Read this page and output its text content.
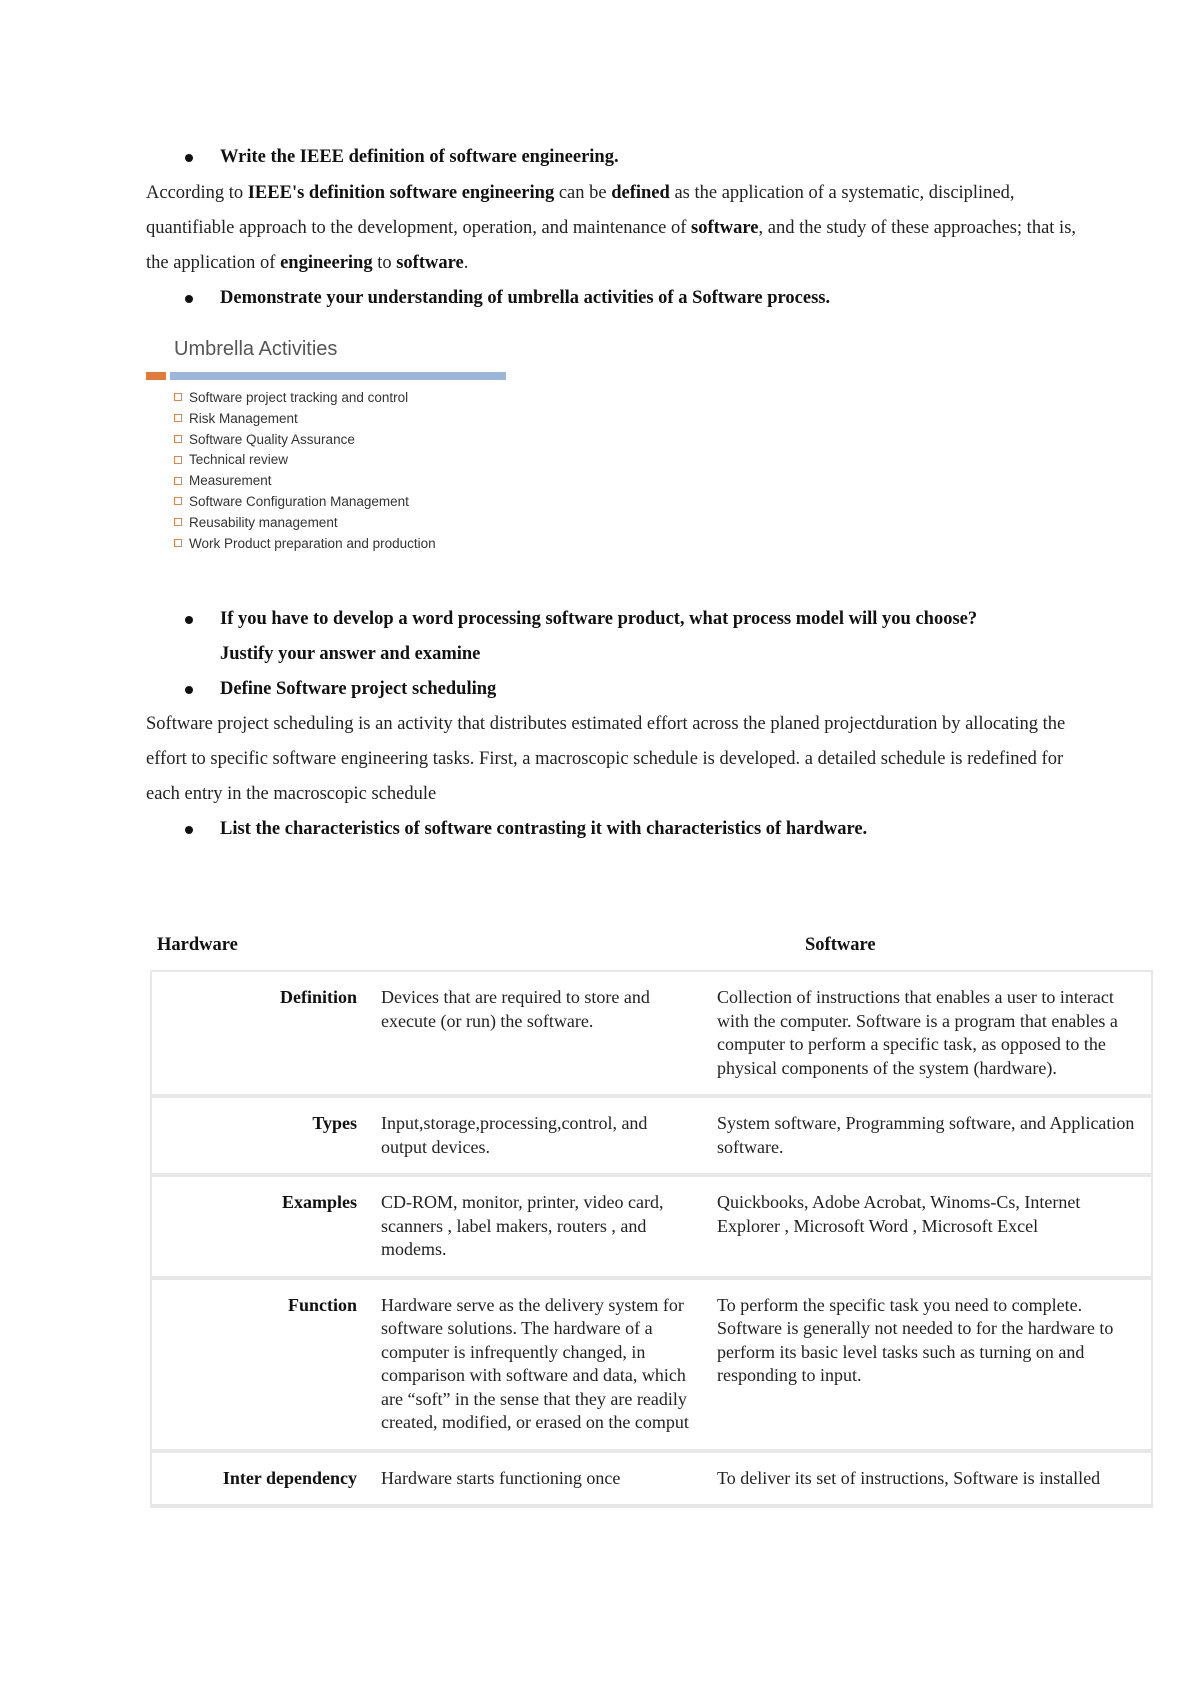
Write the IEEE definition of software engineering.
According to IEEE's definition software engineering can be defined as the application of a systematic, disciplined, quantifiable approach to the development, operation, and maintenance of software, and the study of these approaches; that is, the application of engineering to software.
Demonstrate your understanding of umbrella activities of a Software process.
Umbrella Activities
Software project tracking and control
Risk Management
Software Quality Assurance
Technical review
Measurement
Software Configuration Management
Reusability management
Work Product preparation and production
If you have to develop a word processing software product, what process model will you choose?
Justify your answer and examine
Define Software project scheduling
Software project scheduling is an activity that distributes estimated effort across the planed projectduration by allocating the effort to specific software engineering tasks. First, a macroscopic schedule is developed. a detailed schedule is redefined for each entry in the macroscopic schedule
List the characteristics of software contrasting it with characteristics of hardware.
Hardware	Software
Definition	Devices that are required to store and execute (or run) the software.	Collection of instructions that enables a user to interact with the computer. Software is a program that enables a computer to perform a specific task, as opposed to the physical components of the system (hardware).
Types	Input,storage,processing,control, and output devices.	System software, Programming software, and Application software.
Examples	CD-ROM, monitor, printer, video card, scanners , label makers, routers , and modems.	Quickbooks, Adobe Acrobat, Winoms-Cs, Internet Explorer , Microsoft Word , Microsoft Excel
Function	Hardware serve as the delivery system for software solutions. The hardware of a computer is infrequently changed, in comparison with software and data, which are “soft” in the sense that they are readily created, modified, or erased on the comput	To perform the specific task you need to complete. Software is generally not needed to for the hardware to perform its basic level tasks such as turning on and responding to input.
Inter dependency	Hardware starts functioning once	To deliver its set of instructions, Software is installed
